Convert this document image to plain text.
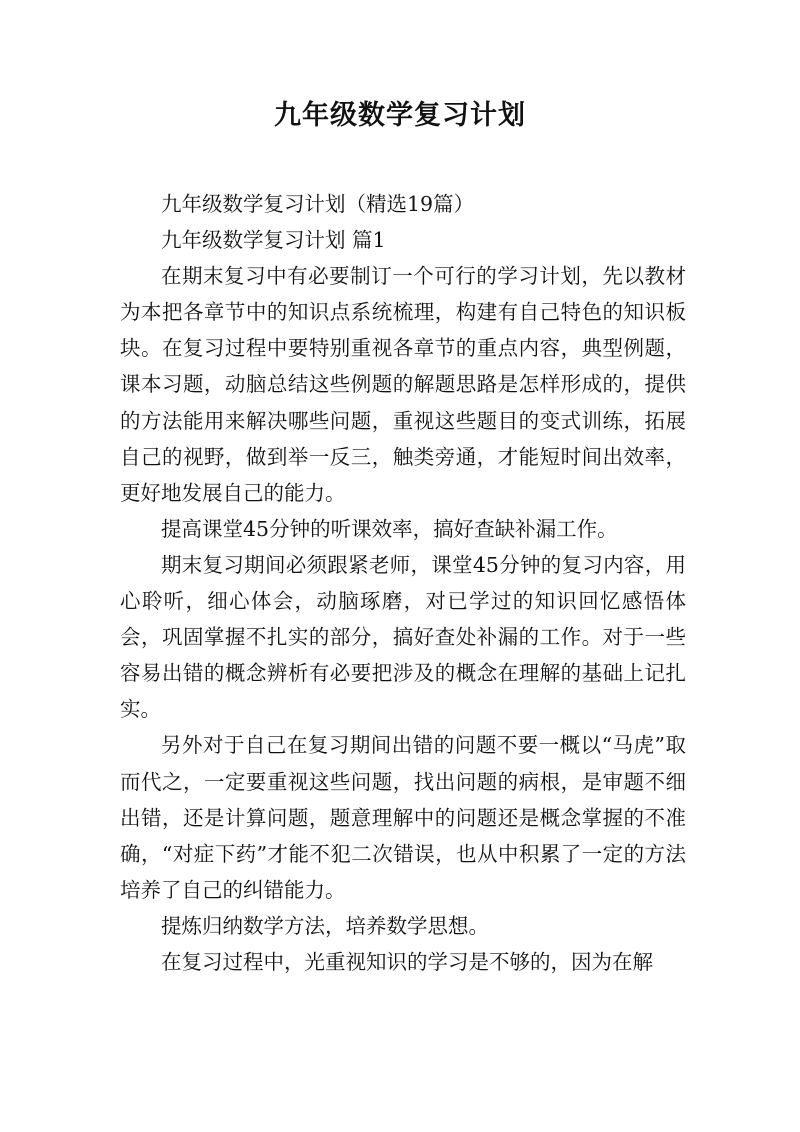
九年级数学复习计划

九年级数学复习计划（精选19篇）

九年级数学复习计划 篇1

在期末复习中有必要制订一个可行的学习计划，先以教材为本把各章节中的知识点系统梳理，构建有自己特色的知识板块。在复习过程中要特别重视各章节的重点内容，典型例题，课本习题，动脑总结这些例题的解题思路是怎样形成的，提供的方法能用来解决哪些问题，重视这些题目的变式训练，拓展自己的视野，做到举一反三，触类旁通，才能短时间出效率，更好地发展自己的能力。

提高课堂45分钟的听课效率，搞好查缺补漏工作。

期末复习期间必须跟紧老师，课堂45分钟的复习内容，用心聆听，细心体会，动脑琢磨，对已学过的知识回忆感悟体会，巩固掌握不扎实的部分，搞好查处补漏的工作。对于一些容易出错的概念辨析有必要把涉及的概念在理解的基础上记扎实。

另外对于自己在复习期间出错的问题不要一概以“马虎”取而代之，一定要重视这些问题，找出问题的病根，是审题不细出错，还是计算问题，题意理解中的问题还是概念掌握的不准确，“对症下药”才能不犯二次错误，也从中积累了一定的方法培养了自己的纠错能力。

提炼归纳数学方法，培养数学思想。

在复习过程中，光重视知识的学习是不够的，因为在解
